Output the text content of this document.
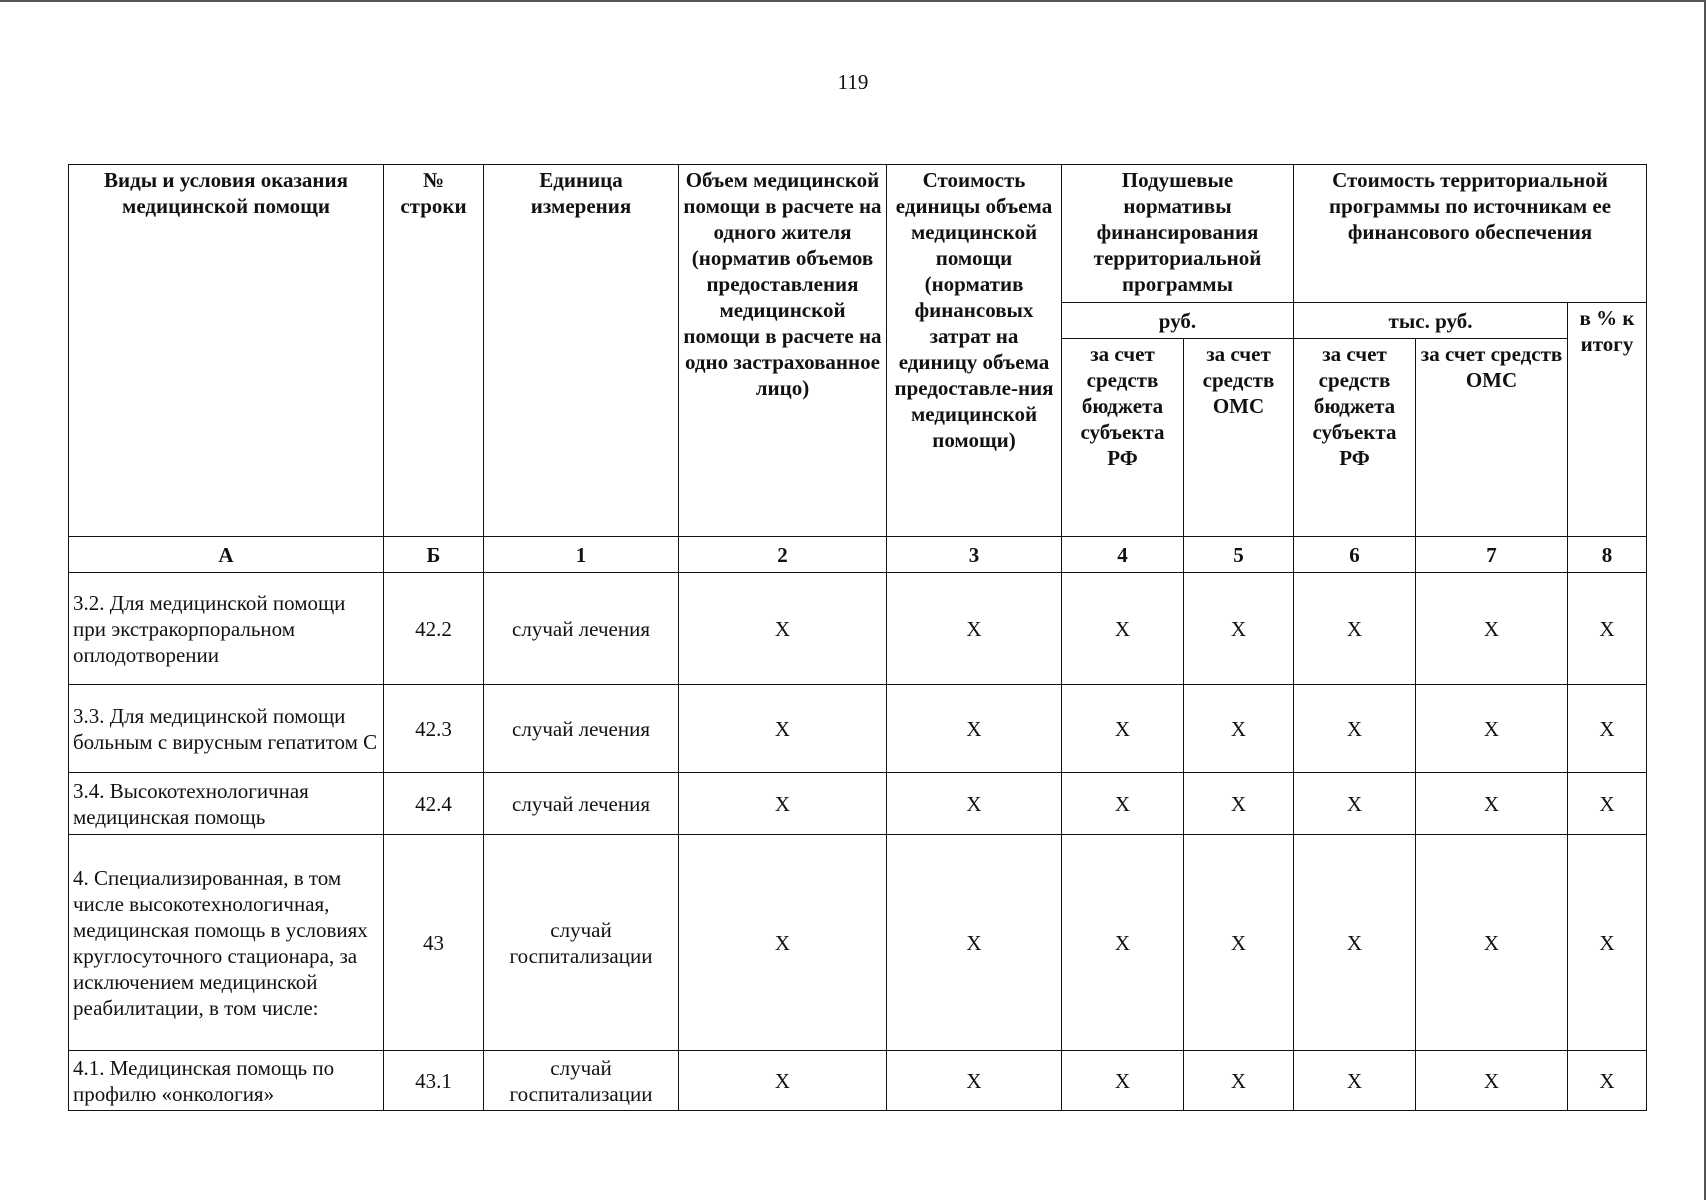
119
Виды и условия оказания медицинской помощи	№ строки	Единица измерения	Объем медицинской помощи в расчете на одного жителя (норматив объемов предоставления медицинской помощи в расчете на одно застрахованное лицо)	Стоимость единицы объема медицинской помощи (норматив финансовых затрат на единицу объема предоставле-ния медицинской помощи)	Подушевые нормативы финансирования территориальной программы		Стоимость территориальной программы по источникам ее финансового обеспечения		
					руб.		тыс. руб.		в % к итогу
					за счет средств бюджета субъекта РФ	за счет средств ОМС	за счет средств бюджета субъекта РФ	за счет средств ОМС	
А	Б	1	2	3	4	5	6	7	8
3.2. Для медицинской помощи при экстракорпоральном оплодотворении	42.2	случай лечения	Х	Х	Х	Х	Х	Х	Х
3.3. Для медицинской помощи больным с вирусным гепатитом С	42.3	случай лечения	Х	Х	Х	Х	Х	Х	Х
3.4. Высокотехнологичная медицинская помощь	42.4	случай лечения	Х	Х	Х	Х	Х	Х	Х
4. Специализированная, в том числе высокотехнологичная, медицинская помощь в условиях круглосуточного стационара, за исключением медицинской реабилитации, в том числе:	43	случай госпитализации	Х	Х	Х	Х	Х	Х	Х
4.1. Медицинская помощь по профилю «онкология»	43.1	случай госпитализации	Х	Х	Х	Х	Х	Х	Х
